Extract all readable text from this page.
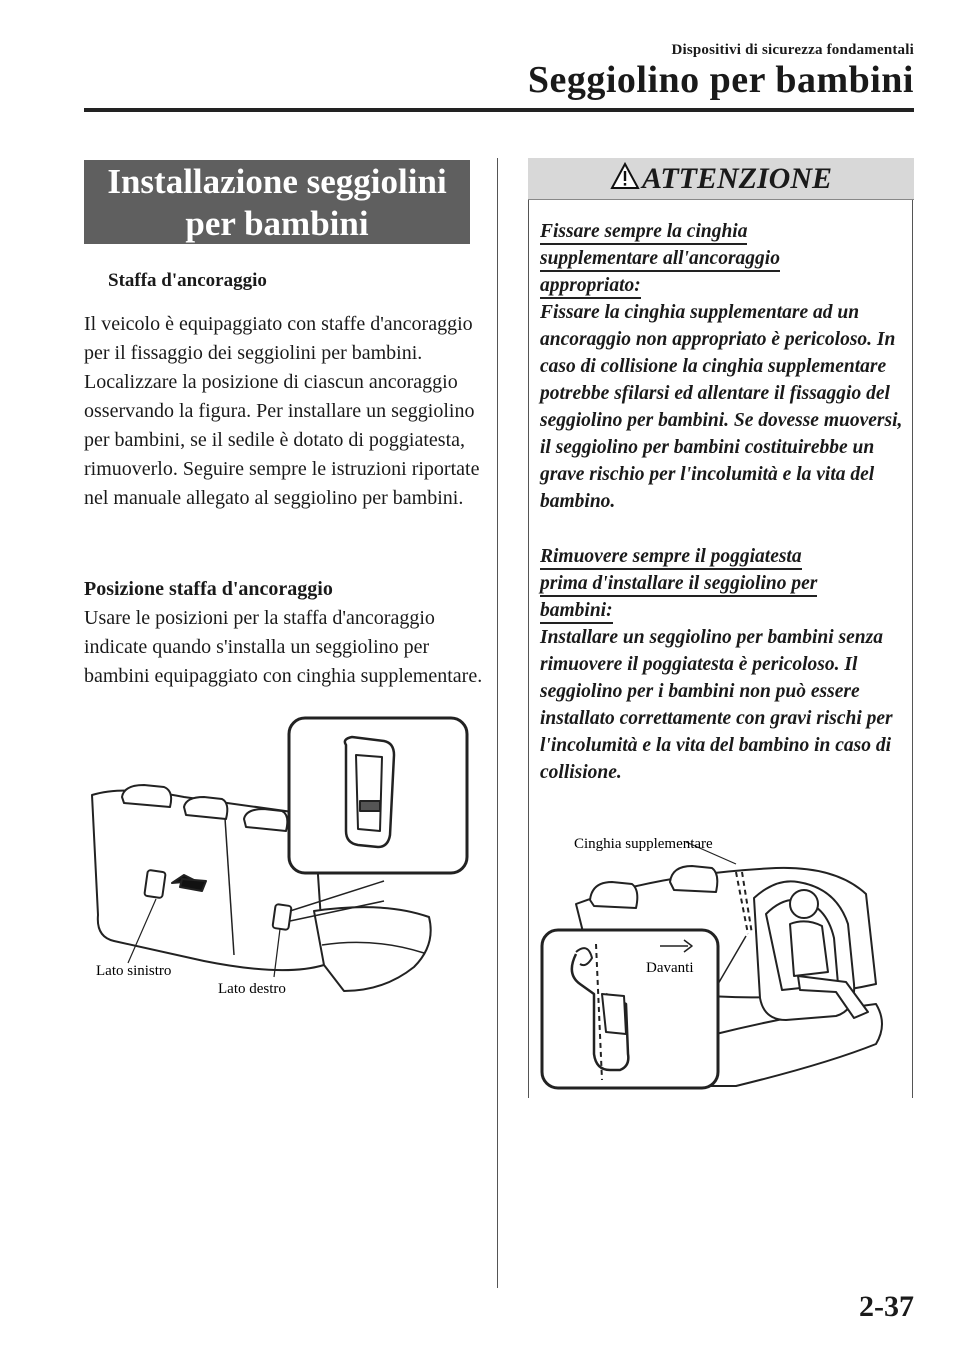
Dispositivi di sicurezza fondamentali
Seggiolino per bambini
Installazione seggiolini per bambini
Staffa d'ancoraggio

Il veicolo è equipaggiato con staffe d'ancoraggio per il fissaggio dei seggiolini per bambini. Localizzare la posizione di ciascun ancoraggio osservando la figura. Per installare un seggiolino per bambini, se il sedile è dotato di poggiatesta, rimuoverlo. Seguire sempre le istruzioni riportate nel manuale allegato al seggiolino per bambini.

Posizione staffa d'ancoraggio

Usare le posizioni per la staffa d'ancoraggio indicate quando s'installa un seggiolino per bambini equipaggiato con cinghia supplementare.

Lato sinistro
Lato destro
ATTENZIONE

Fissare sempre la cinghia
supplementare all'ancoraggio
appropriato:

Fissare la cinghia supplementare ad un ancoraggio non appropriato è pericoloso. In caso di collisione la cinghia supplementare potrebbe sfilarsi ed allentare il fissaggio del seggiolino per bambini. Se dovesse muoversi, il seggiolino per bambini costituirebbe un grave rischio per l'incolumità e la vita del bambino.

Rimuovere sempre il poggiatesta
prima d'installare il seggiolino per
bambini:

Installare un seggiolino per bambini senza rimuovere il poggiatesta è pericoloso. Il seggiolino per i bambini non può essere installato correttamente con gravi rischi per l'incolumità e la vita del bambino in caso di collisione.

Cinghia supplementare
Davanti
2-37
